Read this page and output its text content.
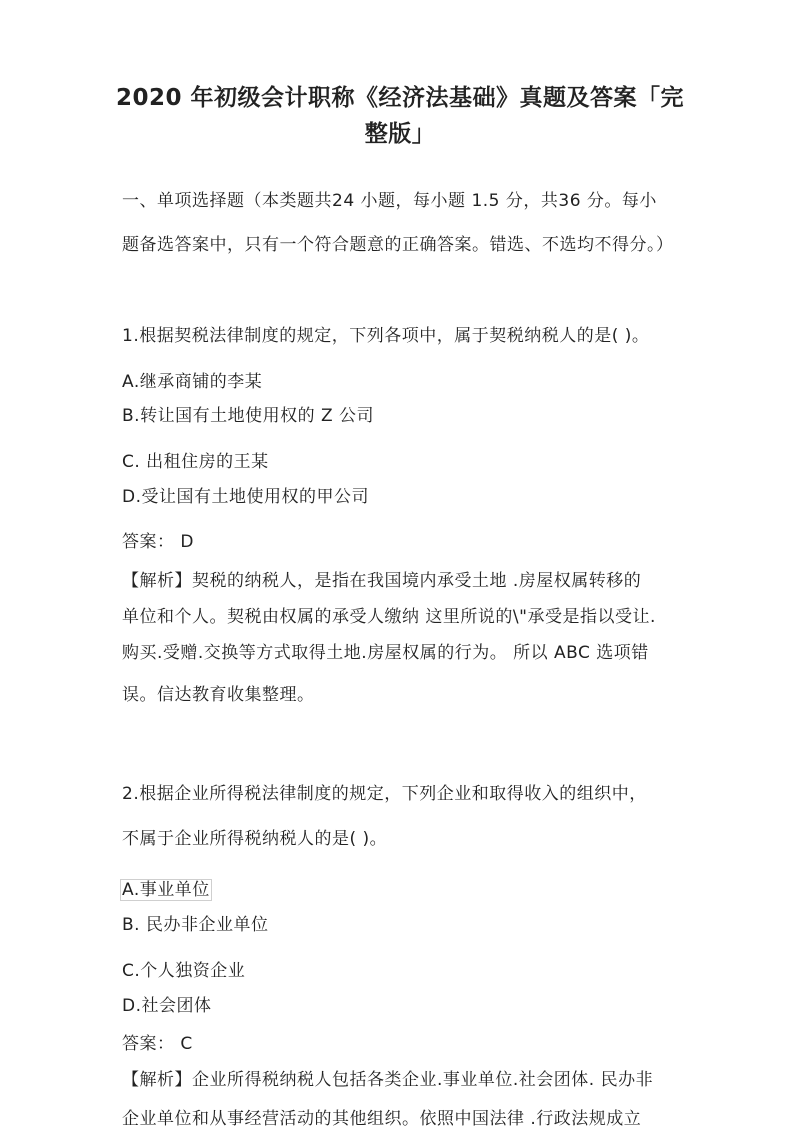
2020 年初级会计职称《经济法基础》真题及答案「完
整版」
一、单项选择题（本类题共24 小题，每小题 1.5 分，共36 分。每小
题备选答案中，只有一个符合题意的正确答案。错选、不选均不得分。）
1.根据契税法律制度的规定，下列各项中，属于契税纳税人的是( )。
A.继承商铺的李某
B.转让国有土地使用权的 Z 公司
C. 出租住房的王某
D.受让国有土地使用权的甲公司
答案： D
【解析】契税的纳税人，是指在我国境内承受土地 .房屋权属转移的
单位和个人。契税由权属的承受人缴纳 这里所说的\"承受是指以受让.
购买.受赠.交换等方式取得土地.房屋权属的行为。 所以 ABC 选项错
误。信达教育收集整理。
2.根据企业所得税法律制度的规定，下列企业和取得收入的组织中，
不属于企业所得税纳税人的是( )。
A.事业单位
B. 民办非企业单位
C.个人独资企业
D.社会团体
答案： C
【解析】企业所得税纳税人包括各类企业.事业单位.社会团体. 民办非
企业单位和从事经营活动的其他组织。依照中国法律 .行政法规成立
